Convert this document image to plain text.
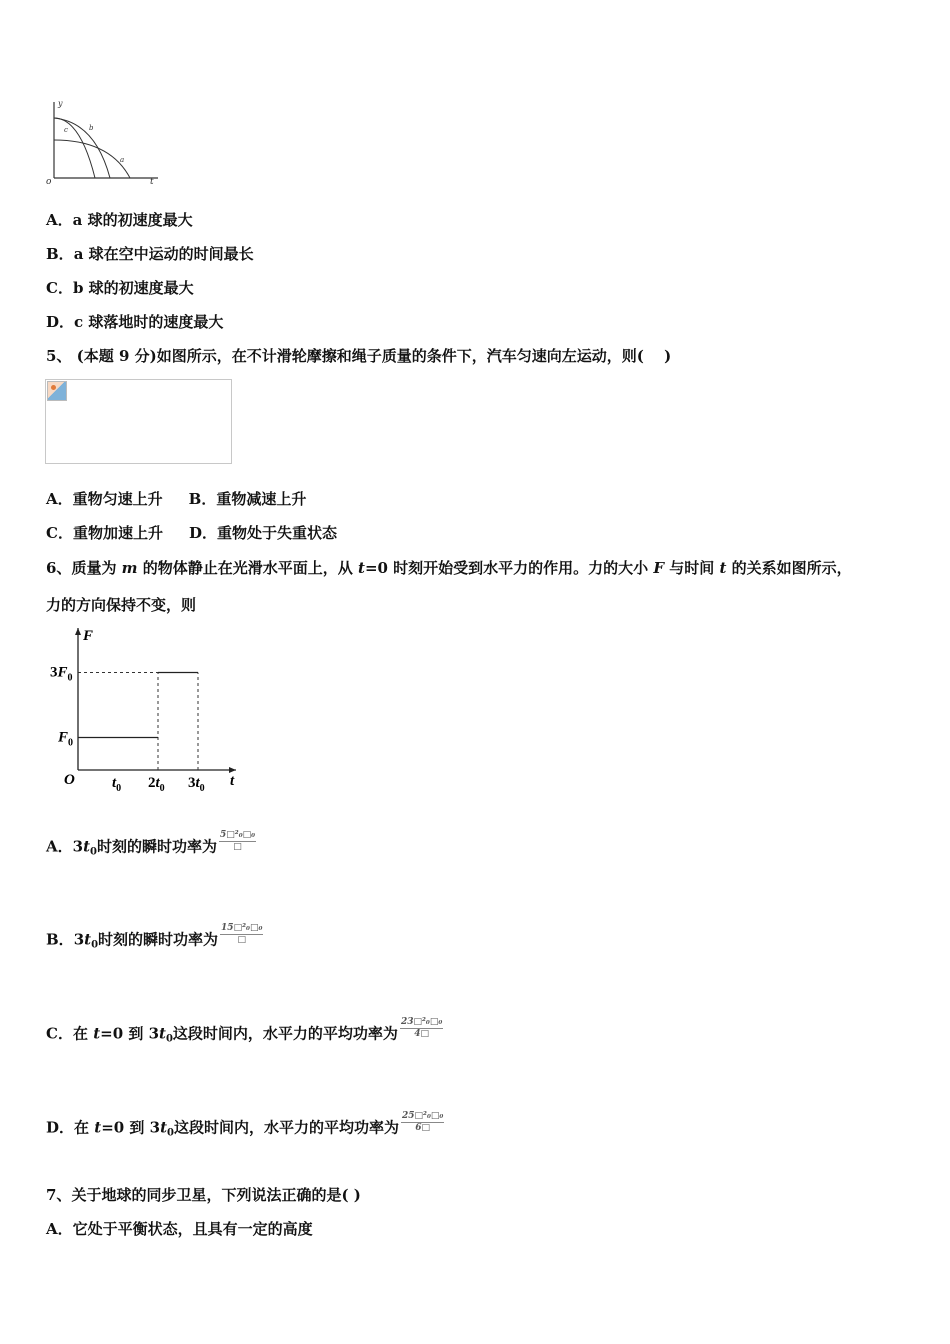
y
t
o
c	b
a
A．a 球的初速度最大
B．a 球在空中运动的时间最长
C．b 球的初速度最大
D．c 球落地时的速度最大
5、 (本题 9 分)如图所示，在不计滑轮摩擦和绳子质量的条件下，汽车匀速向左运动，则(　 )
A．重物匀速上升 B．重物减速上升
C．重物加速上升 D．重物处于失重状态
6、质量为 m 的物体静止在光滑水平面上，从 t=0 时刻开始受到水平力的作用。力的大小 F 与时间 t 的关系如图所示，
力的方向保持不变，则
F
t
O
$3F_0$
$F_0$
$t_0$ $2t_0$ $3t_0$
A．$3t_0$时刻的瞬时功率为 $\frac{\text{5□²₀□₀}}{□}$
B．$3t_0$时刻的瞬时功率为 $\frac{\text{15□²₀□₀}}{□}$
C．在 t=0 到 $3t_0$这段时间内，水平力的平均功率为 $\frac{\text{23□²₀□₀}}{4□}$
D．在 t=0 到 $3t_0$这段时间内，水平力的平均功率为 $\frac{\text{25□²₀□₀}}{6□}$
7、关于地球的同步卫星，下列说法正确的是( )
A．它处于平衡状态，且具有一定的高度
